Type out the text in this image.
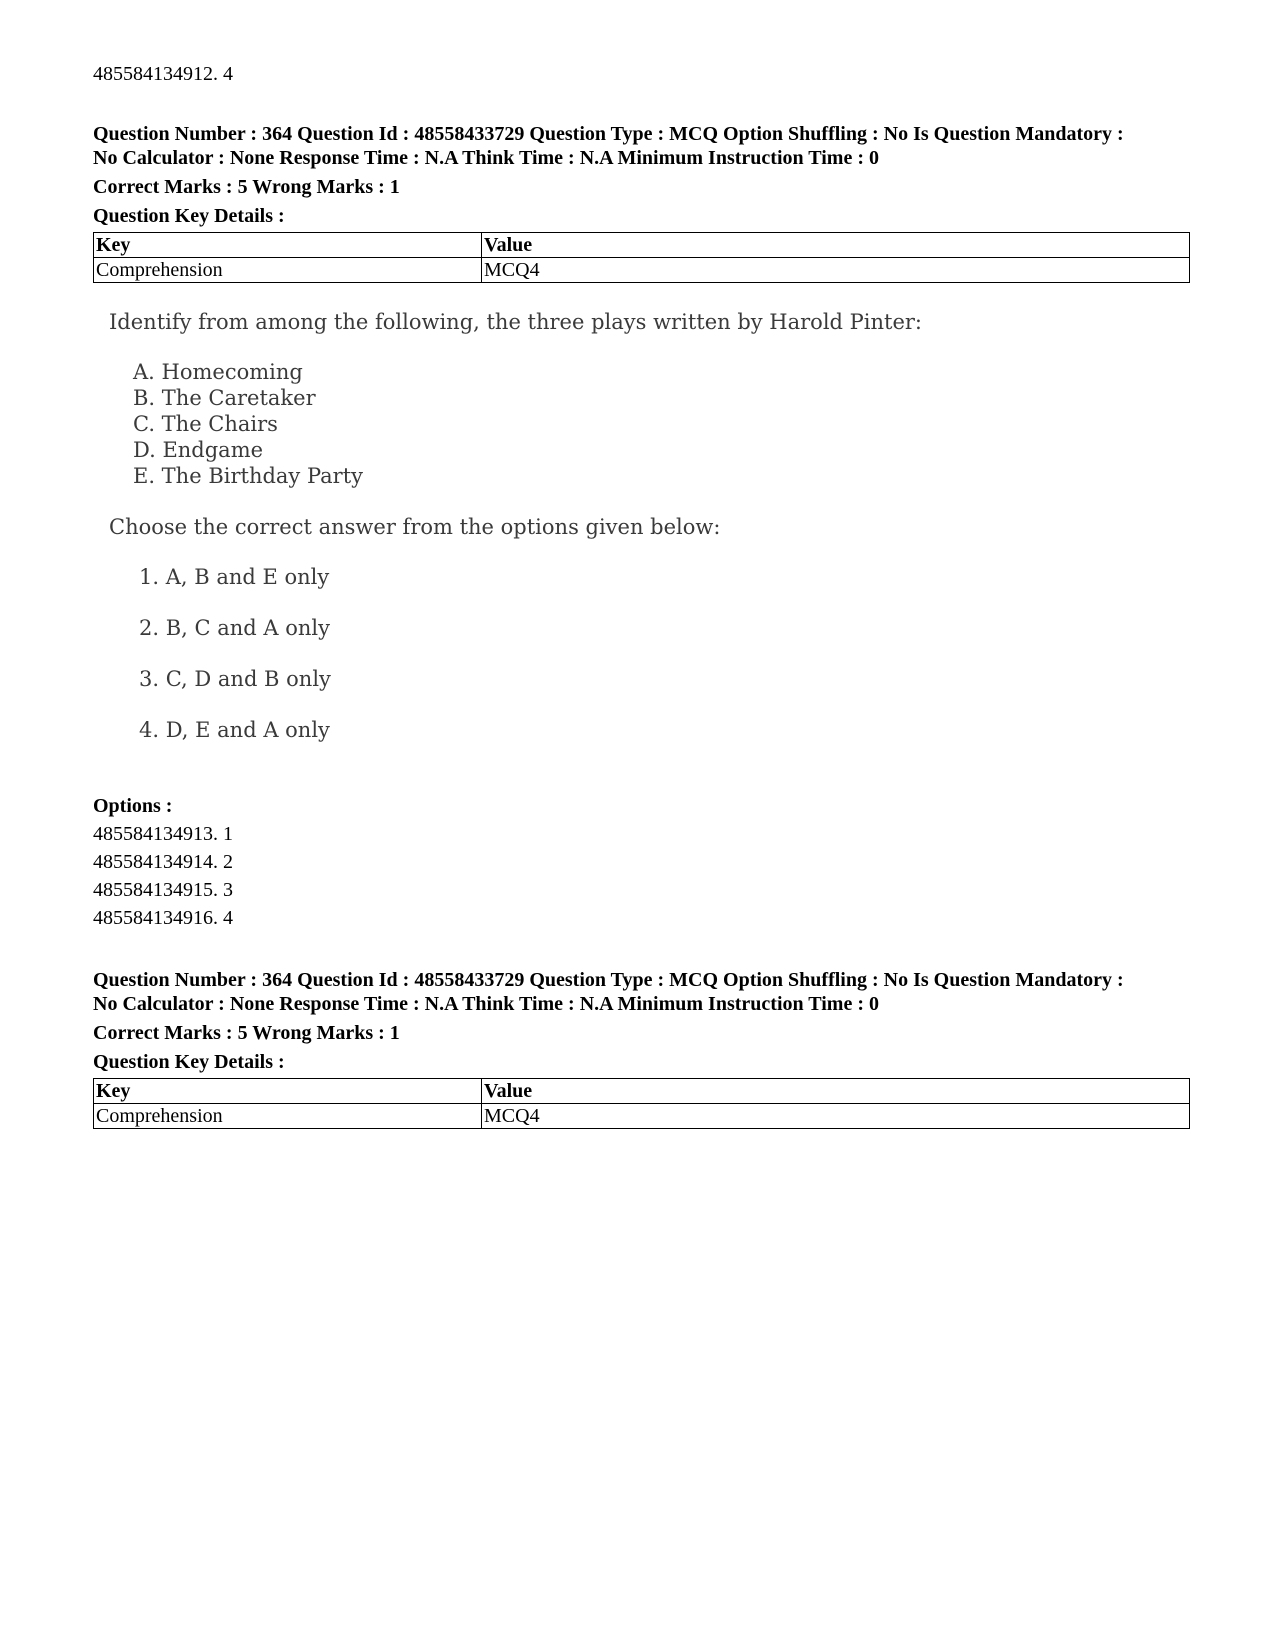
485584134912. 4
Question Number : 364 Question Id : 48558433729 Question Type : MCQ Option Shuffling : No Is Question Mandatory :
No Calculator : None Response Time : N.A Think Time : N.A Minimum Instruction Time : 0
Correct Marks : 5 Wrong Marks : 1
Question Key Details :
Key	Value
Comprehension	MCQ4
Identify from among the following, the three plays written by Harold Pinter:
A. Homecoming
B. The Caretaker
C. The Chairs
D. Endgame
E. The Birthday Party
Choose the correct answer from the options given below:
1. A, B and E only
2. B, C and A only
3. C, D and B only
4. D, E and A only
Options :
485584134913. 1
485584134914. 2
485584134915. 3
485584134916. 4
Question Number : 364 Question Id : 48558433729 Question Type : MCQ Option Shuffling : No Is Question Mandatory :
No Calculator : None Response Time : N.A Think Time : N.A Minimum Instruction Time : 0
Correct Marks : 5 Wrong Marks : 1
Question Key Details :
Key	Value
Comprehension	MCQ4
